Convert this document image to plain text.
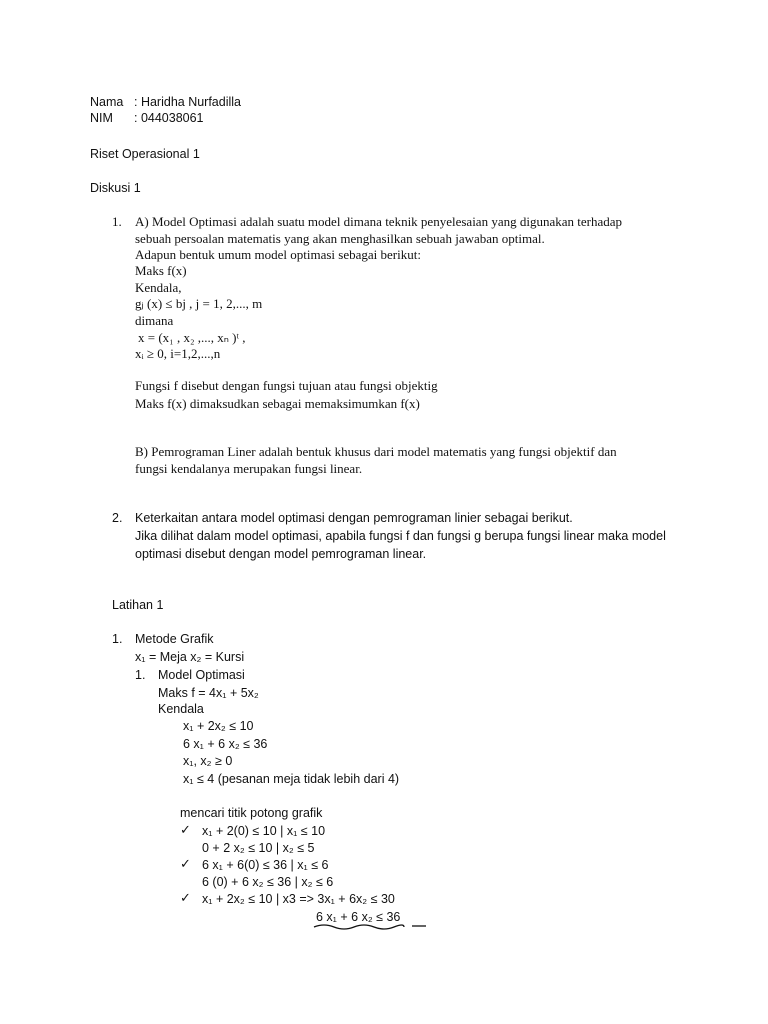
Nama : Haridha Nurfadilla
NIM : 044038061
Riset Operasional 1
Diskusi 1
1. A) Model Optimasi adalah suatu model dimana teknik penyelesaian yang digunakan terhadap
sebuah persoalan matematis yang akan menghasilkan sebuah jawaban optimal.
Adapun bentuk umum model optimasi sebagai berikut:
Maks f(x)
Kendala,
gⱼ (x) ≤ bj , j = 1, 2,..., m
dimana
x = (x₁ , x₂ ,..., xₙ )ᵗ ,
xᵢ ≥ 0, i=1,2,...,n
Fungsi f disebut dengan fungsi tujuan atau fungsi objektig
Maks f(x) dimaksudkan sebagai memaksimumkan f(x)
B) Pemrograman Liner adalah bentuk khusus dari model matematis yang fungsi objektif dan
fungsi kendalanya merupakan fungsi linear.
2. Keterkaitan antara model optimasi dengan pemrograman linier sebagai berikut.
Jika dilihat dalam model optimasi, apabila fungsi f dan fungsi g berupa fungsi linear maka model
optimasi disebut dengan model pemrograman linear.
Latihan 1
1. Metode Grafik
x₁ = Meja x₂ = Kursi
1. Model Optimasi
Maks f = 4x₁ + 5x₂
Kendala
x₁ + 2x₂ ≤ 10
6 x₁ + 6 x₂ ≤ 36
x₁, x₂ ≥ 0
x₁ ≤ 4 (pesanan meja tidak lebih dari 4)
mencari titik potong grafik
✓ x₁ + 2(0) ≤ 10 | x₁ ≤ 10
0 + 2 x₂ ≤ 10 | x₂ ≤ 5
✓ 6 x₁ + 6(0) ≤ 36 | x₁ ≤ 6
6 (0) + 6 x₂ ≤ 36 | x₂ ≤ 6
✓ x₁ + 2x₂ ≤ 10 | x3 => 3x₁ + 6x₂ ≤ 30
6 x₁ + 6 x₂ ≤ 36
